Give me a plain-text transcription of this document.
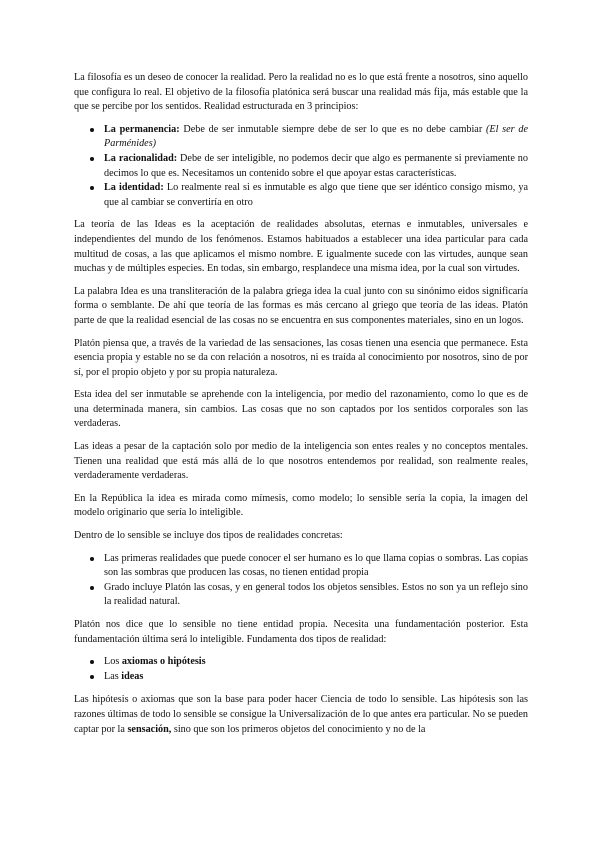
La filosofía es un deseo de conocer la realidad. Pero la realidad no es lo que está frente a nosotros, sino aquello que configura lo real. El objetivo de la filosofía platónica será buscar una realidad más fija, más estable que la que se percibe por los sentidos. Realidad estructurada en 3 principios:

La permanencia: Debe de ser inmutable siempre debe de ser lo que es no debe cambiar (El ser de Parménides)
La racionalidad: Debe de ser inteligible, no podemos decir que algo es permanente si previamente no decimos lo que es. Necesitamos un contenido sobre el que apoyar estas características.
La identidad: Lo realmente real si es inmutable es algo que tiene que ser idéntico consigo mismo, ya que al cambiar se convertiría en otro

La teoría de las Ideas es la aceptación de realidades absolutas, eternas e inmutables, universales e independientes del mundo de los fenómenos. Estamos habituados a establecer una idea particular para cada multitud de cosas, a las que aplicamos el mismo nombre. E igualmente sucede con las virtudes, aunque sean muchas y de múltiples especies. En todas, sin embargo, resplandece una misma idea, por la cual son virtudes.

La palabra Idea es una transliteración de la palabra griega idea la cual junto con su sinónimo eidos significaría forma o semblante. De ahí que teoría de las formas es más cercano al griego que teoría de las ideas. Platón parte de que la realidad esencial de las cosas no se encuentra en sus componentes materiales, sino en un logos.

Platón piensa que, a través de la variedad de las sensaciones, las cosas tienen una esencia que permanece. Esta esencia propia y estable no se da con relación a nosotros, ni es traída al conocimiento por nosotros, sino de por sí, por el propio objeto y por su propia naturaleza.

Esta idea del ser inmutable se aprehende con la inteligencia, por medio del razonamiento, como lo que es de una determinada manera, sin cambios. Las cosas que no son captados por los sentidos corporales son las verdaderas.

Las ideas a pesar de la captación solo por medio de la inteligencia son entes reales y no conceptos mentales. Tienen una realidad que está más allá de lo que nosotros entendemos por realidad, son realmente reales, verdaderamente verdaderas.

En la República la idea es mirada como mímesis, como modelo; lo sensible sería la copia, la imagen del modelo originario que sería lo inteligible.

Dentro de lo sensible se incluye dos tipos de realidades concretas:

Las primeras realidades que puede conocer el ser humano es lo que llama copias o sombras. Las copias son las sombras que producen las cosas, no tienen entidad propia
Grado incluye Platón las cosas, y en general todos los objetos sensibles. Estos no son ya un reflejo sino la realidad natural.

Platón nos dice que lo sensible no tiene entidad propia. Necesita una fundamentación posterior. Esta fundamentación última será lo inteligible. Fundamenta dos tipos de realidad:

Los axiomas o hipótesis
Las ideas

Las hipótesis o axiomas que son la base para poder hacer Ciencia de todo lo sensible. Las hipótesis son las razones últimas de todo lo sensible se consigue la Universalización de lo que antes era particular. No se pueden captar por la sensación, sino que son los primeros objetos del conocimiento y no de la
